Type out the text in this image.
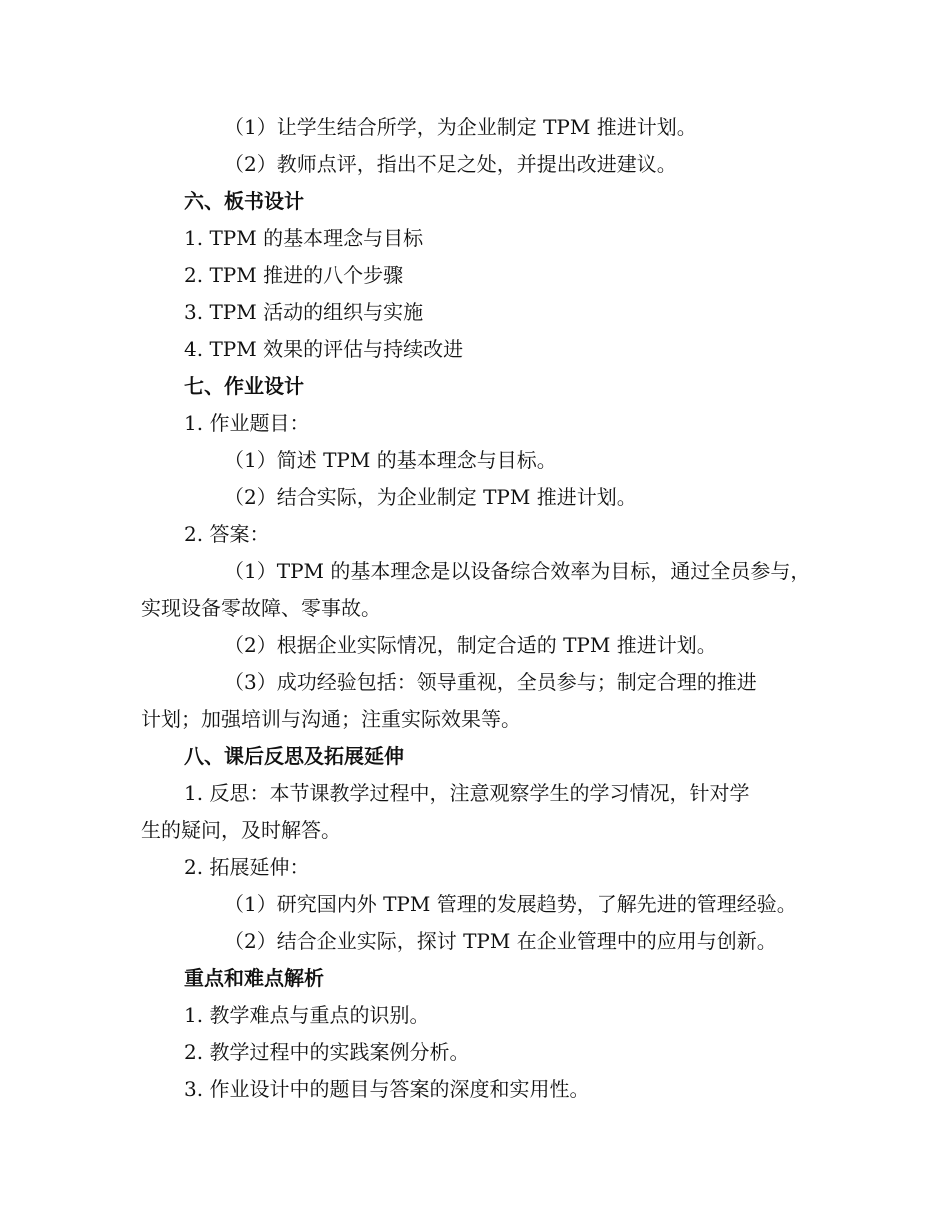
（1）让学生结合所学，为企业制定 TPM 推进计划。

（2）教师点评，指出不足之处，并提出改进建议。

六、板书设计

1. TPM 的基本理念与目标

2. TPM 推进的八个步骤

3. TPM 活动的组织与实施

4. TPM 效果的评估与持续改进

七、作业设计

1. 作业题目：

（1）简述 TPM 的基本理念与目标。

（2）结合实际，为企业制定 TPM 推进计划。

2. 答案：

（1）TPM 的基本理念是以设备综合效率为目标，通过全员参与，

实现设备零故障、零事故。

（2）根据企业实际情况，制定合适的 TPM 推进计划。

（3）成功经验包括：领导重视，全员参与；制定合理的推进

计划；加强培训与沟通；注重实际效果等。

八、课后反思及拓展延伸

1. 反思：本节课教学过程中，注意观察学生的学习情况，针对学

生的疑问，及时解答。

2. 拓展延伸：

（1）研究国内外 TPM 管理的发展趋势，了解先进的管理经验。

（2）结合企业实际，探讨 TPM 在企业管理中的应用与创新。

重点和难点解析

1. 教学难点与重点的识别。

2. 教学过程中的实践案例分析。

3. 作业设计中的题目与答案的深度和实用性。
